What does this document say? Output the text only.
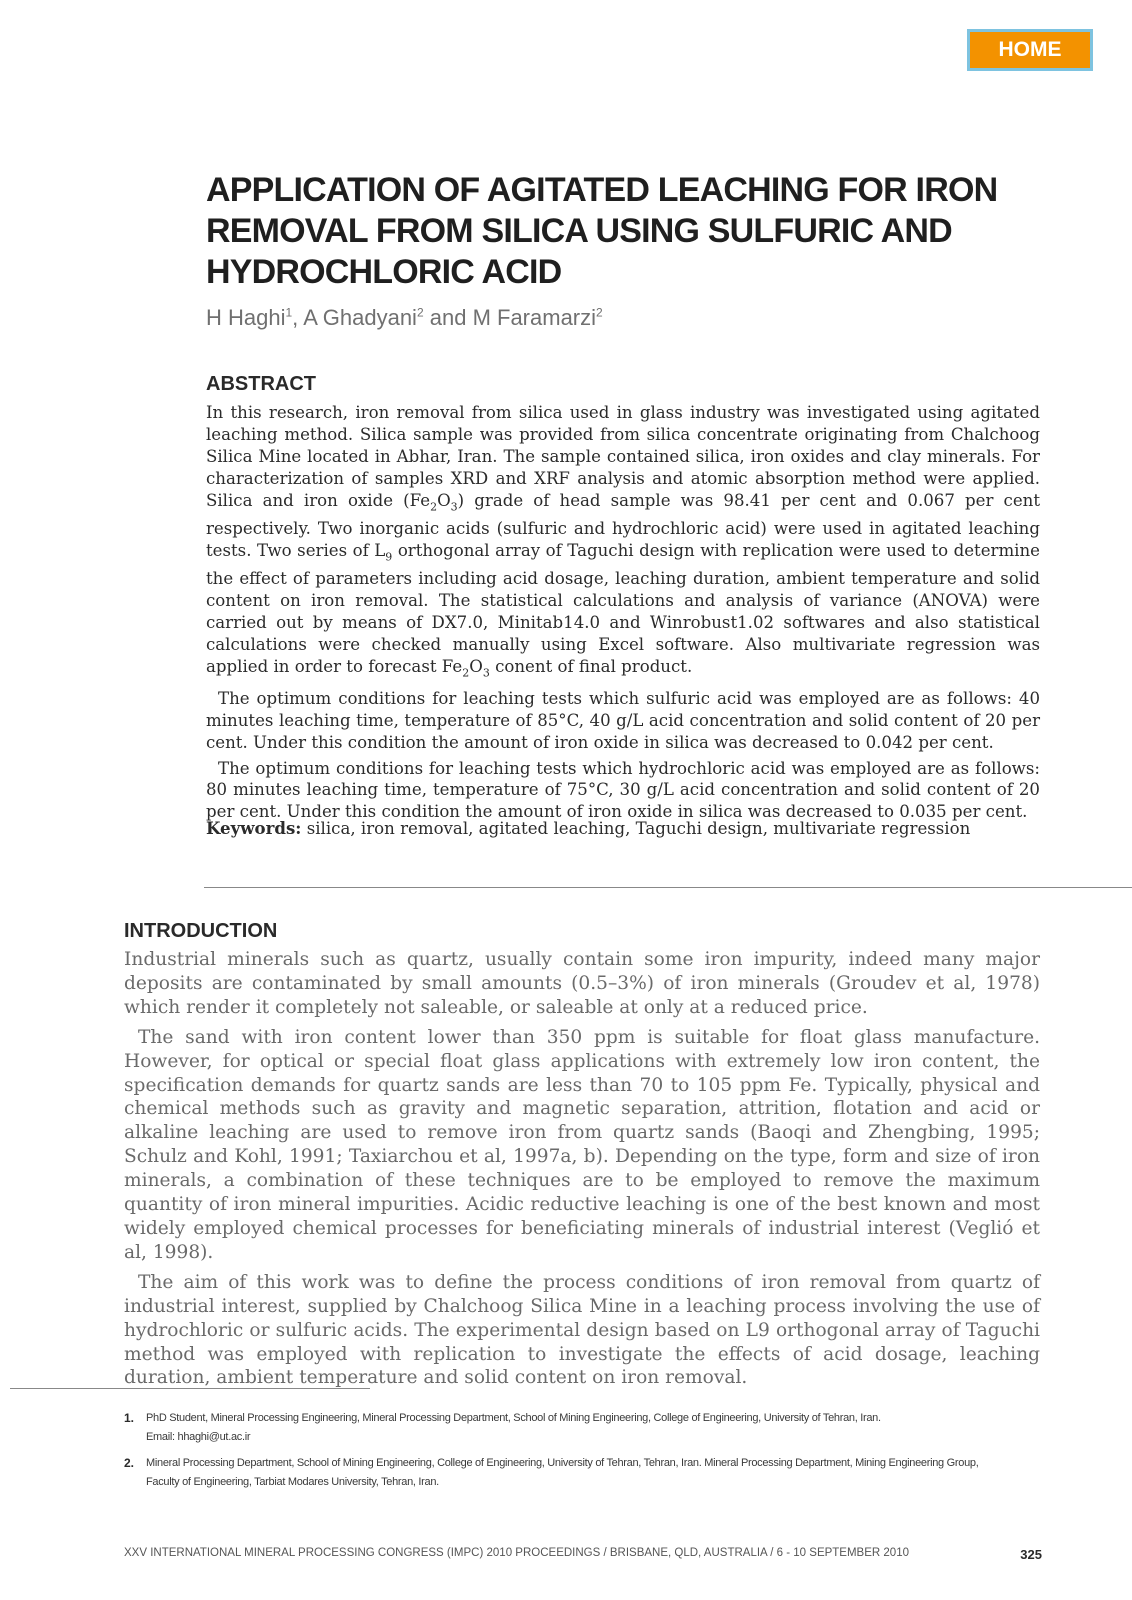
HOME
APPLICATION OF AGITATED LEACHING FOR IRON REMOVAL FROM SILICA USING SULFURIC AND HYDROCHLORIC ACID

H Haghi$^1$, A Ghadyani$^2$ and M Faramarzi$^2$

ABSTRACT

In this research, iron removal from silica used in glass industry was investigated using agitated leaching method. Silica sample was provided from silica concentrate originating from Chalchoog Silica Mine located in Abhar, Iran. The sample contained silica, iron oxides and clay minerals. For characterization of samples XRD and XRF analysis and atomic absorption method were applied. Silica and iron oxide $(Fe_2O_3)$ grade of head sample was 98.41 per cent and 0.067 per cent respectively. Two inorganic acids (sulfuric and hydrochloric acid) were used in agitated leaching tests. Two series of $L_9$ orthogonal array of Taguchi design with replication were used to determine the effect of parameters including acid dosage, leaching duration, ambient temperature and solid content on iron removal. The statistical calculations and analysis of variance (ANOVA) were carried out by means of DX7.0, Minitab14.0 and Winrobust1.02 softwares and also statistical calculations were checked manually using Excel software. Also multivariate regression was applied in order to forecast $Fe_2O_3$ conent of final product.

The optimum conditions for leaching tests which sulfuric acid was employed are as follows: 40 minutes leaching time, temperature of 85°C, 40 g/L acid concentration and solid content of 20 per cent. Under this condition the amount of iron oxide in silica was decreased to 0.042 per cent.

The optimum conditions for leaching tests which hydrochloric acid was employed are as follows: 80 minutes leaching time, temperature of 75°C, 30 g/L acid concentration and solid content of 20 per cent. Under this condition the amount of iron oxide in silica was decreased to 0.035 per cent.

Keywords: silica, iron removal, agitated leaching, Taguchi design, multivariate regression
INTRODUCTION

Industrial minerals such as quartz, usually contain some iron impurity, indeed many major deposits are contaminated by small amounts (0.5–3%) of iron minerals (Groudev et al, 1978) which render it completely not saleable, or saleable at only at a reduced price.

The sand with iron content lower than 350 ppm is suitable for float glass manufacture. However, for optical or special float glass applications with extremely low iron content, the specification demands for quartz sands are less than 70 to 105 ppm Fe. Typically, physical and chemical methods such as gravity and magnetic separation, attrition, flotation and acid or alkaline leaching are used to remove iron from quartz sands (Baoqi and Zhengbing, 1995; Schulz and Kohl, 1991; Taxiarchou et al, 1997a, b). Depending on the type, form and size of iron minerals, a combination of these techniques are to be employed to remove the maximum quantity of iron mineral impurities. Acidic reductive leaching is one of the best known and most widely employed chemical processes for beneficiating minerals of industrial interest (Veglió et al, 1998).

The aim of this work was to define the process conditions of iron removal from quartz of industrial interest, supplied by Chalchoog Silica Mine in a leaching process involving the use of hydrochloric or sulfuric acids. The experimental design based on L9 orthogonal array of Taguchi method was employed with replication to investigate the effects of acid dosage, leaching duration, ambient temperature and solid content on iron removal.

1.	PhD Student, Mineral Processing Engineering, Mineral Processing Department, School of Mining Engineering, College of Engineering, University of Tehran, Iran.
Email: hhaghi@ut.ac.ir
2.	Mineral Processing Department, School of Mining Engineering, College of Engineering, University of Tehran, Tehran, Iran. Mineral Processing Department, Mining Engineering Group,
Faculty of Engineering, Tarbiat Modares University, Tehran, Iran.
XXV INTERNATIONAL MINERAL PROCESSING CONGRESS (IMPC) 2010 PROCEEDINGS / BRISBANE, QLD, AUSTRALIA / 6 - 10 SEPTEMBER 2010	325
